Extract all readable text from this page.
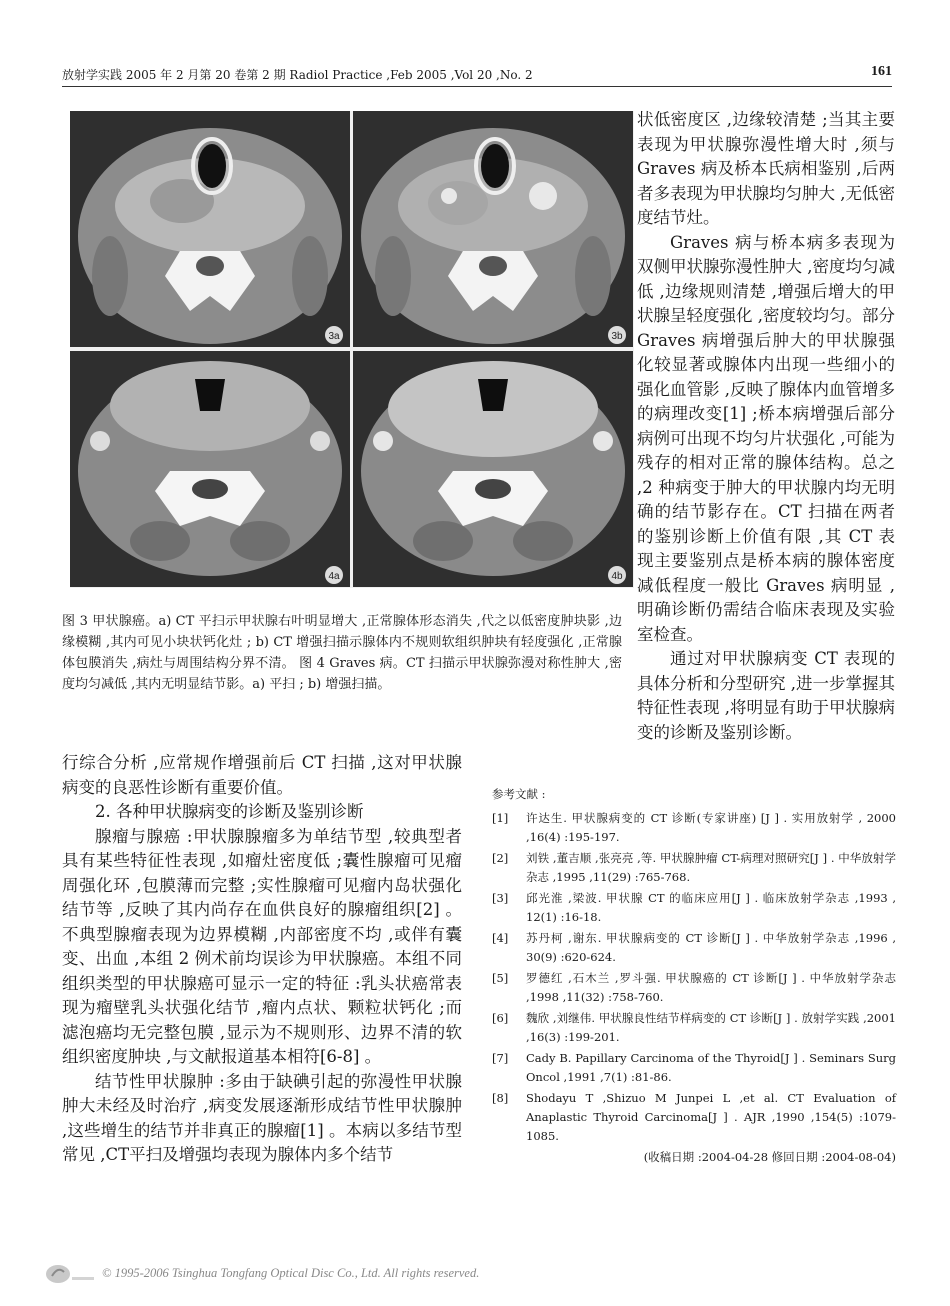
放射学实践 2005 年 2 月第 20 卷第 2 期 Radiol Practice ,Feb 2005 ,Vol 20 ,No. 2	161
3a	3b
4a	4b
图 3 甲状腺癌。a) CT 平扫示甲状腺右叶明显增大 ,正常腺体形态消失 ,代之以低密度肿块影 ,边缘模糊 ,其内可见小块状钙化灶 ; b) CT 增强扫描示腺体内不规则软组织肿块有轻度强化 ,正常腺体包膜消失 ,病灶与周围结构分界不清。 图 4 Graves 病。CT 扫描示甲状腺弥漫对称性肿大 ,密度均匀减低 ,其内无明显结节影。a) 平扫 ; b) 增强扫描。

状低密度区 ,边缘较清楚 ;当其主要表现为甲状腺弥漫性增大时 ,须与 Graves 病及桥本氏病相鉴别 ,后两者多表现为甲状腺均匀肿大 ,无低密度结节灶。

Graves 病与桥本病多表现为双侧甲状腺弥漫性肿大 ,密度均匀减低 ,边缘规则清楚 ,增强后增大的甲状腺呈轻度强化 ,密度较均匀。部分 Graves 病增强后肿大的甲状腺强化较显著或腺体内出现一些细小的强化血管影 ,反映了腺体内血管增多的病理改变[1] ;桥本病增强后部分病例可出现不均匀片状强化 ,可能为残存的相对正常的腺体结构。总之 ,2 种病变于肿大的甲状腺内均无明确的结节影存在。CT 扫描在两者的鉴别诊断上价值有限 ,其 CT 表现主要鉴别点是桥本病的腺体密度减低程度一般比 Graves 病明显 ,明确诊断仍需结合临床表现及实验室检查。

通过对甲状腺病变 CT 表现的具体分析和分型研究 ,进一步掌握其特征性表现 ,将明显有助于甲状腺病变的诊断及鉴别诊断。

行综合分析 ,应常规作增强前后 CT 扫描 ,这对甲状腺病变的良恶性诊断有重要价值。

2. 各种甲状腺病变的诊断及鉴别诊断

腺瘤与腺癌 :甲状腺腺瘤多为单结节型 ,较典型者具有某些特征性表现 ,如瘤灶密度低 ;囊性腺瘤可见瘤周强化环 ,包膜薄而完整 ;实性腺瘤可见瘤内岛状强化结节等 ,反映了其内尚存在血供良好的腺瘤组织[2] 。不典型腺瘤表现为边界模糊 ,内部密度不均 ,或伴有囊变、出血 ,本组 2 例术前均误诊为甲状腺癌。本组不同组织类型的甲状腺癌可显示一定的特征 :乳头状癌常表现为瘤壁乳头状强化结节 ,瘤内点状、颗粒状钙化 ;而滤泡癌均无完整包膜 ,显示为不规则形、边界不清的软组织密度肿块 ,与文献报道基本相符[6-8] 。

结节性甲状腺肿 :多由于缺碘引起的弥漫性甲状腺肿大未经及时治疗 ,病变发展逐渐形成结节性甲状腺肿 ,这些增生的结节并非真正的腺瘤[1] 。本病以多结节型常见 ,CT平扫及增强均表现为腺体内多个结节

参考文献 :
[1] 许达生. 甲状腺病变的 CT 诊断(专家讲座) [J ] . 实用放射学 , 2000 ,16(4) :195-197.
[2] 刘铁 ,董吉顺 ,张亮亮 ,等. 甲状腺肿瘤 CT-病理对照研究[J ] . 中华放射学杂志 ,1995 ,11(29) :765-768.
[3] 邱光淮 ,梁波. 甲状腺 CT 的临床应用[J ] . 临床放射学杂志 ,1993 , 12(1) :16-18.
[4] 苏丹柯 ,谢东. 甲状腺病变的 CT 诊断[J ] . 中华放射学杂志 ,1996 , 30(9) :620-624.
[5] 罗德红 ,石木兰 ,罗斗强. 甲状腺癌的 CT 诊断[J ] . 中华放射学杂志 ,1998 ,11(32) :758-760.
[6] 魏欣 ,刘继伟. 甲状腺良性结节样病变的 CT 诊断[J ] . 放射学实践 ,2001 ,16(3) :199-201.
[7] Cady B. Papillary Carcinoma of the Thyroid[J ] . Seminars Surg Oncol ,1991 ,7(1) :81-86.
[8] Shodayu T ,Shizuo M Junpei L ,et al. CT Evaluation of Anaplastic Thyroid Carcinoma[J ] . AJR ,1990 ,154(5) :1079-1085.
(收稿日期 :2004-04-28 修回日期 :2004-08-04)
© 1995-2006 Tsinghua Tongfang Optical Disc Co., Ltd. All rights reserved.
